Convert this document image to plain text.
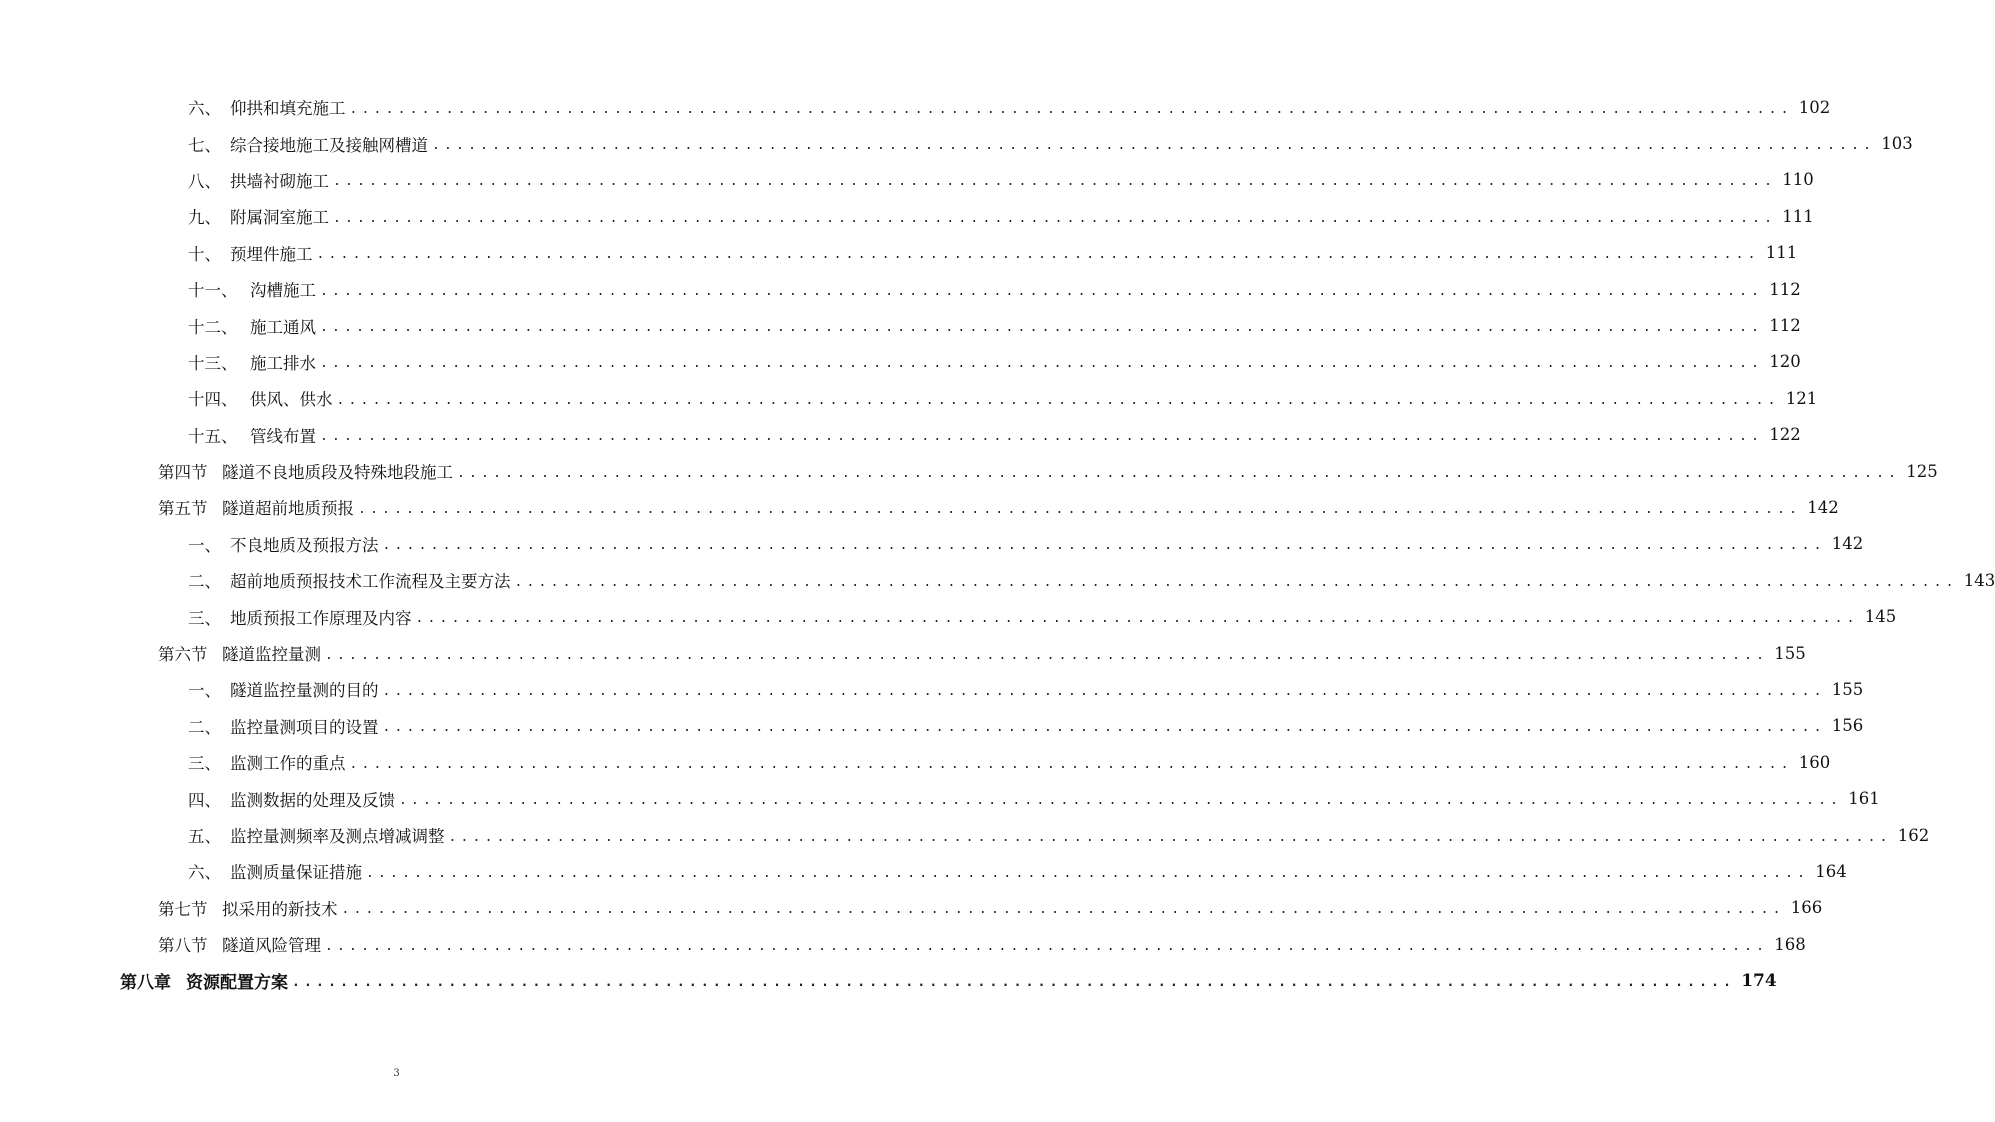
六、 仰拱和填充施工 ........................................................................................................................ 102
七、 综合接地施工及接触网槽道 ........................................................................................................................ 103
八、 拱墙衬砌施工 ........................................................................................................................ 110
九、 附属洞室施工 ........................................................................................................................ 111
十、 预埋件施工 ........................................................................................................................ 111
十一、 沟槽施工 ........................................................................................................................ 112
十二、 施工通风 ........................................................................................................................ 112
十三、 施工排水 ........................................................................................................................ 120
十四、 供风、供水 ........................................................................................................................ 121
十五、 管线布置 ........................................................................................................................ 122
第四节 隧道不良地质段及特殊地段施工 ........................................................................................................................ 125
第五节 隧道超前地质预报 ........................................................................................................................ 142
一、 不良地质及预报方法 ........................................................................................................................ 142
二、 超前地质预报技术工作流程及主要方法 ........................................................................................................................ 143
三、 地质预报工作原理及内容 ........................................................................................................................ 145
第六节 隧道监控量测 ........................................................................................................................ 155
一、 隧道监控量测的目的 ........................................................................................................................ 155
二、 监控量测项目的设置 ........................................................................................................................ 156
三、 监测工作的重点 ........................................................................................................................ 160
四、 监测数据的处理及反馈 ........................................................................................................................ 161
五、 监控量测频率及测点增减调整 ........................................................................................................................ 162
六、 监测质量保证措施 ........................................................................................................................ 164
第七节 拟采用的新技术 ........................................................................................................................ 166
第八节 隧道风险管理 ........................................................................................................................ 168
第八章 资源配置方案 ........................................................................................................................ 174
3
